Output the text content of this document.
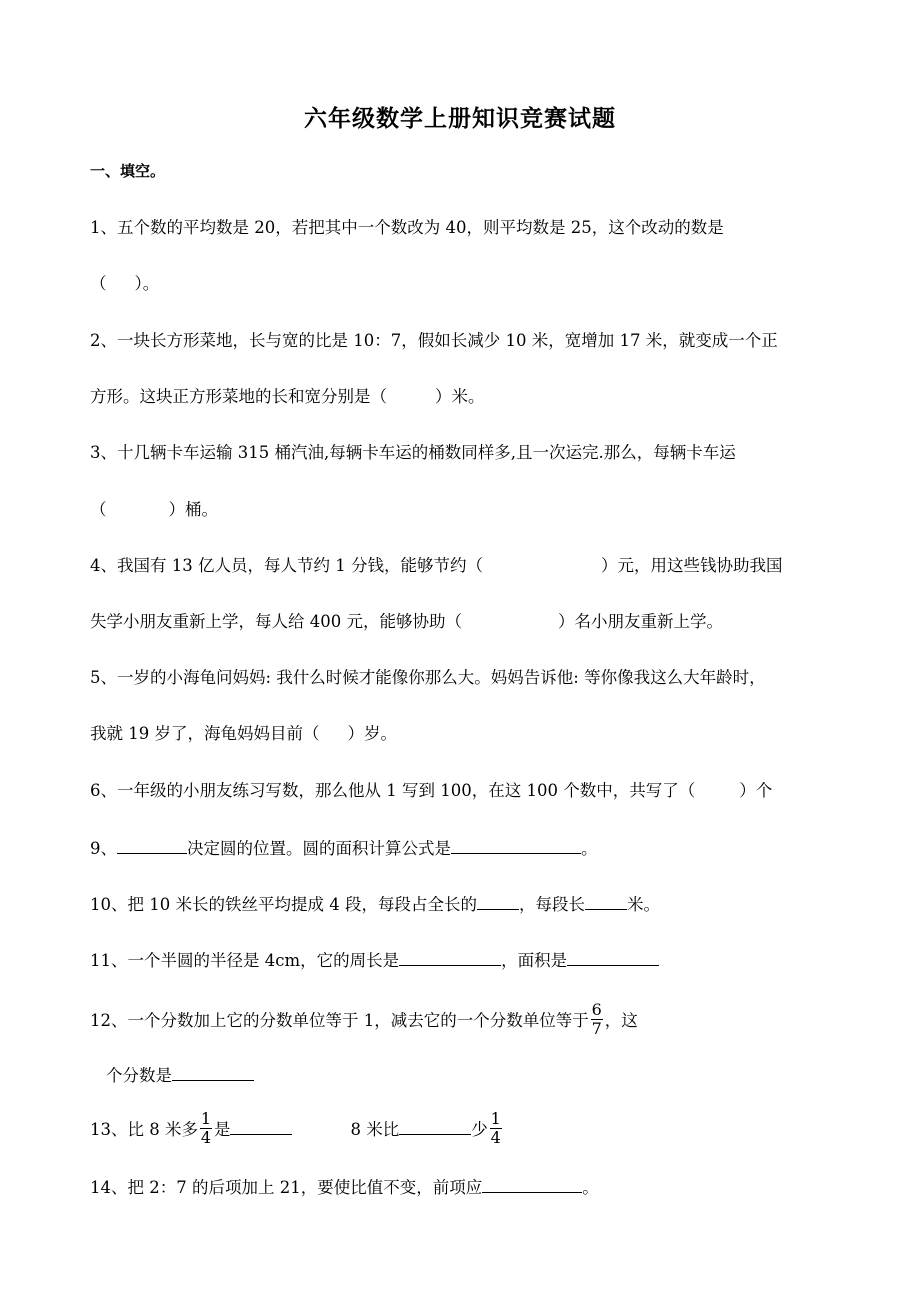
六年级数学上册知识竞赛试题
一、填空。
1、五个数的平均数是 20，若把其中一个数改为 40，则平均数是 25，这个改动的数是
（ ）。
2、一块长方形菜地，长与宽的比是 10：7，假如长减少 10 米，宽增加 17 米，就变成一个正
方形。这块正方形菜地的长和宽分别是（	）米。
3、十几辆卡车运输 315 桶汽油,每辆卡车运的桶数同样多,且一次运完.那么，每辆卡车运
（	）桶。
4、我国有 13 亿人员，每人节约 1 分钱，能够节约（	）元，用这些钱协助我国
失学小朋友重新上学，每人给 400 元，能够协助（	）名小朋友重新上学。
5、一岁的小海龟问妈妈: 我什么时候才能像你那么大。妈妈告诉他: 等你像我这么大年龄时，
我就 19 岁了，海龟妈妈目前（ ）岁。
6、一年级的小朋友练习写数，那么他从 1 写到 100，在这 100 个数中，共写了（	）个
9、	决定圆的位置。圆的面积计算公式是	。
10、把 10 米长的铁丝平均提成 4 段，每段占全长的	，每段长	米。
11、一个半圆的半径是 4cm，它的周长是	，面积是
12、一个分数加上它的分数单位等于 1，减去它的一个分数单位等于 $\frac{6}{7}$ ，这
个分数是
13、比 8 米多 $\frac{1}{4}$ 是	8 米比	少 $\frac{1}{4}$
14、把 2：7 的后项加上 21，要使比值不变，前项应	。
